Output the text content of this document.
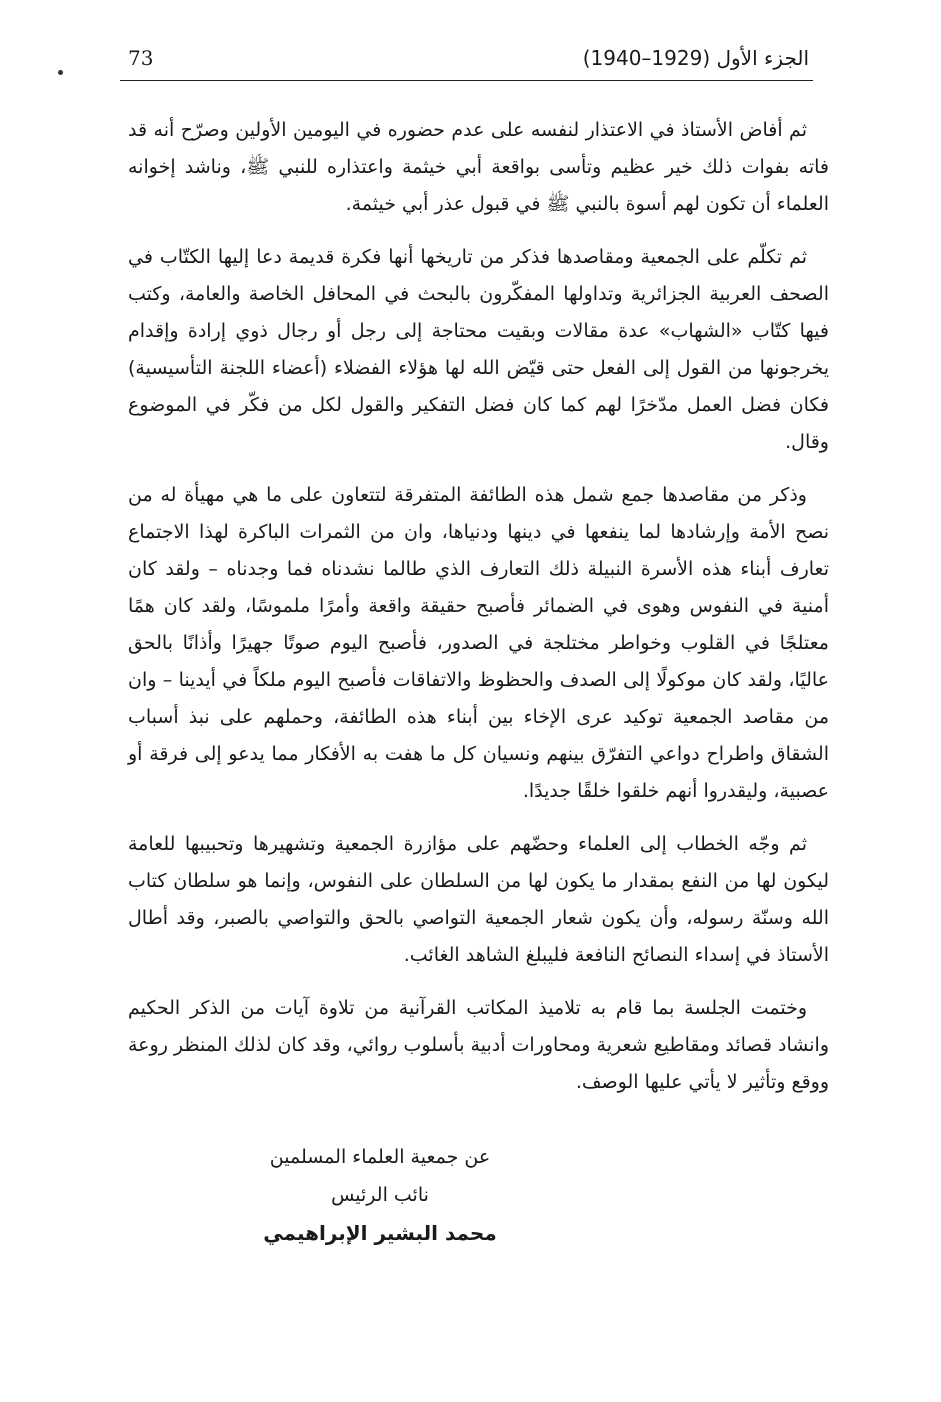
73	الجزء الأول (1929–1940)

ثم أفاض الأستاذ في الاعتذار لنفسه على عدم حضوره في اليومين الأولين وصرّح أنه قد فاته بفوات ذلك خير عظيم وتأسى بواقعة أبي خيثمة واعتذاره للنبي ﷺ، وناشد إخوانه العلماء أن تكون لهم أسوة بالنبي ﷺ في قبول عذر أبي خيثمة.

ثم تكلّم على الجمعية ومقاصدها فذكر من تاريخها أنها فكرة قديمة دعا إليها الكتّاب في الصحف العربية الجزائرية وتداولها المفكّرون بالبحث في المحافل الخاصة والعامة، وكتب فيها كتّاب «الشهاب» عدة مقالات وبقيت محتاجة إلى رجل أو رجال ذوي إرادة وإقدام يخرجونها من القول إلى الفعل حتى قيّض الله لها هؤلاء الفضلاء (أعضاء اللجنة التأسيسية) فكان فضل العمل مدّخرًا لهم كما كان فضل التفكير والقول لكل من فكّر في الموضوع وقال.

وذكر من مقاصدها جمع شمل هذه الطائفة المتفرقة لتتعاون على ما هي مهيأة له من نصح الأمة وإرشادها لما ينفعها في دينها ودنياها، وان من الثمرات الباكرة لهذا الاجتماع تعارف أبناء هذه الأسرة النبيلة ذلك التعارف الذي طالما نشدناه فما وجدناه – ولقد كان أمنية في النفوس وهوى في الضمائر فأصبح حقيقة واقعة وأمرًا ملموسًا، ولقد كان همًا معتلجًا في القلوب وخواطر مختلجة في الصدور، فأصبح اليوم صوتًا جهيرًا وأذانًا بالحق عاليًا، ولقد كان موكولًا إلى الصدف والحظوظ والاتفاقات فأصبح اليوم ملكاً في أيدينا – وان من مقاصد الجمعية توكيد عرى الإخاء بين أبناء هذه الطائفة، وحملهم على نبذ أسباب الشقاق واطراح دواعي التفرّق بينهم ونسيان كل ما هفت به الأفكار مما يدعو إلى فرقة أو عصبية، وليقدروا أنهم خلقوا خلقًا جديدًا.

ثم وجّه الخطاب إلى العلماء وحضّهم على مؤازرة الجمعية وتشهيرها وتحبيبها للعامة ليكون لها من النفع بمقدار ما يكون لها من السلطان على النفوس، وإنما هو سلطان كتاب الله وسنّة رسوله، وأن يكون شعار الجمعية التواصي بالحق والتواصي بالصبر، وقد أطال الأستاذ في إسداء النصائح النافعة فليبلغ الشاهد الغائب.

وختمت الجلسة بما قام به تلاميذ المكاتب القرآنية من تلاوة آيات من الذكر الحكيم وانشاد قصائد ومقاطيع شعرية ومحاورات أدبية بأسلوب روائي، وقد كان لذلك المنظر روعة ووقع وتأثير لا يأتي عليها الوصف.

عن جمعية العلماء المسلمين
نائب الرئيس
محمد البشير الإبراهيمي
